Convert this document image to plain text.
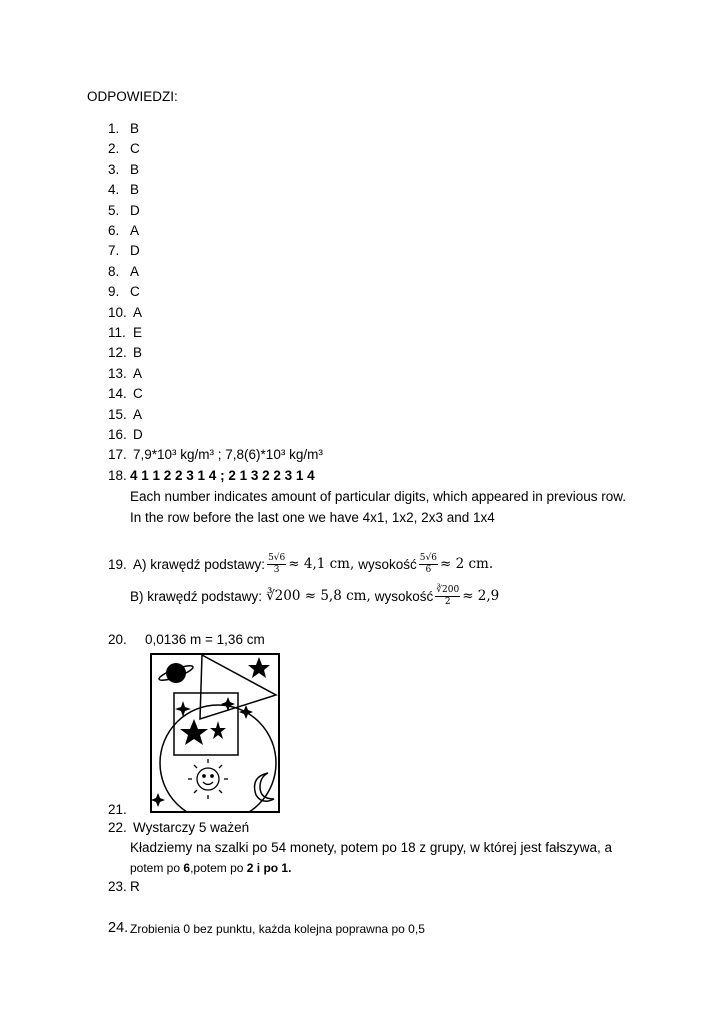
ODPOWIEDZI:
1. B
2. C
3. B
4. B
5. D
6. A
7. D
8. A
9. C
10. A
11. E
12. B
13. A
14. C
15. A
16. D
17. 7,9*10³ kg/m³ ; 7,8(6)*10³ kg/m³
18. 4 1 1 2 2 3 1 4 ; 2 1 3 2 2 3 1 4
Each number indicates amount of particular digits, which appeared in previous row.
In the row before the last one we have 4x1, 1x2, 2x3 and 1x4
19. A) krawędź podstawy: $\frac{5√6}{3} \approx 4,1$ cm, wysokość $\frac{5√6}{6} \approx 2$ cm.
B) krawędź podstawy: ∛200 ≈ 5,8 cm, wysokość $\frac{∛200}{2} \approx 2,9$
20. 0,0136 m = 1,36 cm
21.
22. Wystarczy 5 ważeń
Kładziemy na szalki po 54 monety, potem po 18 z grupy, w której jest fałszywa, a
potem po 6,potem po 2 i po 1.
23. R
24. Zrobienia 0 bez punktu, każda kolejna poprawna po 0,5
